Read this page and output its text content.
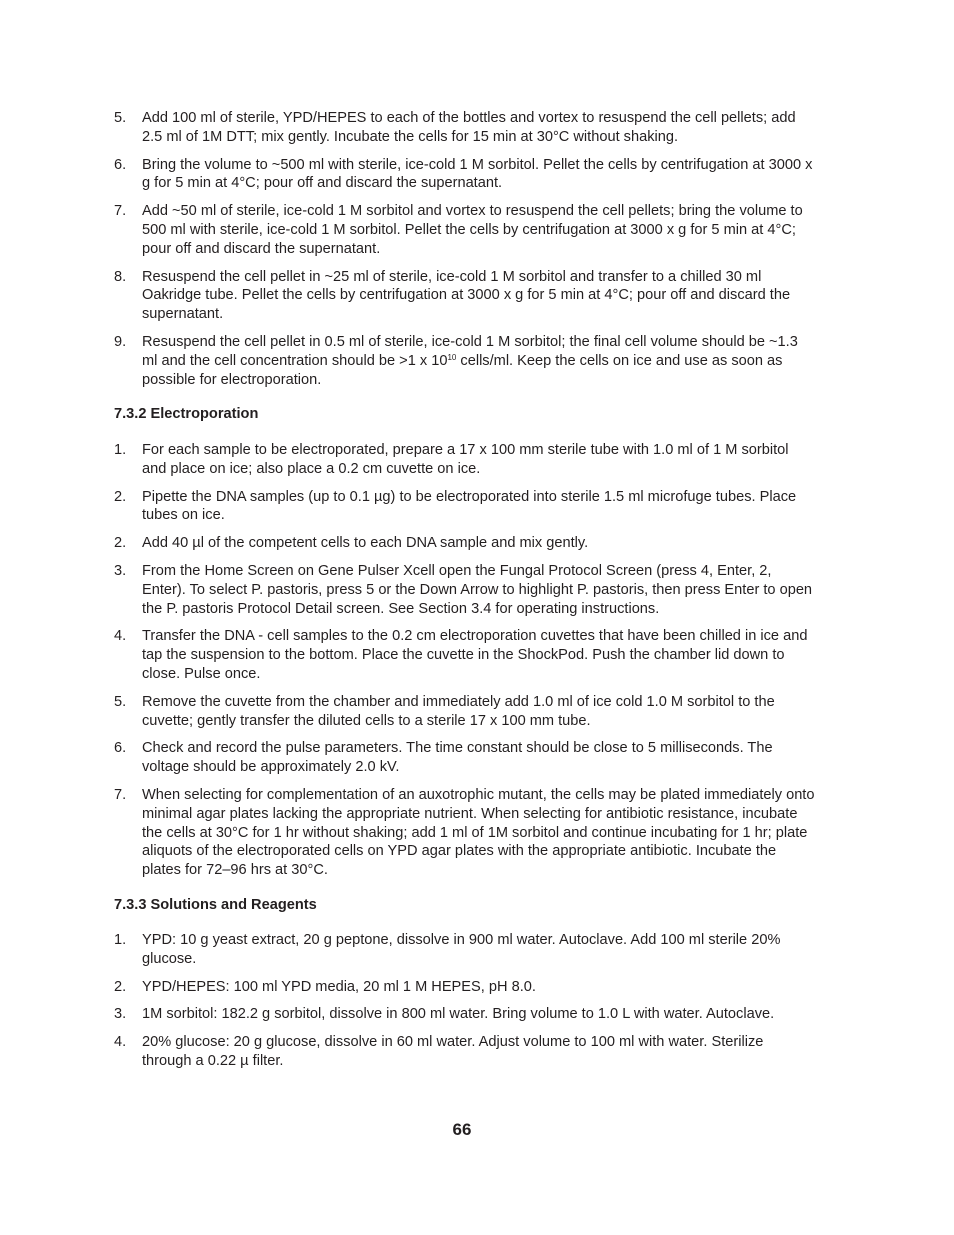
5. Add 100 ml of sterile, YPD/HEPES to each of the bottles and vortex to resuspend the cell pellets; add 2.5 ml of 1M DTT; mix gently. Incubate the cells for 15 min at 30°C without shaking.
6. Bring the volume to ~500 ml with sterile, ice-cold 1 M sorbitol. Pellet the cells by centrifugation at 3000 x g for 5 min at 4°C; pour off and discard the supernatant.
7. Add ~50 ml of sterile, ice-cold 1 M sorbitol and vortex to resuspend the cell pellets; bring the volume to 500 ml with sterile, ice-cold 1 M sorbitol. Pellet the cells by centrifugation at 3000 x g for 5 min at 4°C; pour off and discard the supernatant.
8. Resuspend the cell pellet in ~25 ml of sterile, ice-cold 1 M sorbitol and transfer to a chilled 30 ml Oakridge tube. Pellet the cells by centrifugation at 3000 x g for 5 min at 4°C; pour off and discard the supernatant.
9. Resuspend the cell pellet in 0.5 ml of sterile, ice-cold 1 M sorbitol; the final cell volume should be ~1.3 ml and the cell concentration should be >1 x $10^{10}$ cells/ml. Keep the cells on ice and use as soon as possible for electroporation.
7.3.2 Electroporation
1. For each sample to be electroporated, prepare a 17 x 100 mm sterile tube with 1.0 ml of 1 M sorbitol and place on ice; also place a 0.2 cm cuvette on ice.
2. Pipette the DNA samples (up to 0.1 µg) to be electroporated into sterile 1.5 ml microfuge tubes. Place tubes on ice.
2. Add 40 µl of the competent cells to each DNA sample and mix gently.
3. From the Home Screen on Gene Pulser Xcell open the Fungal Protocol Screen (press 4, Enter, 2, Enter). To select P. pastoris, press 5 or the Down Arrow to highlight P. pastoris, then press Enter to open the P. pastoris Protocol Detail screen. See Section 3.4 for operating instructions.
4. Transfer the DNA - cell samples to the 0.2 cm electroporation cuvettes that have been chilled in ice and tap the suspension to the bottom. Place the cuvette in the ShockPod. Push the chamber lid down to close. Pulse once.
5. Remove the cuvette from the chamber and immediately add 1.0 ml of ice cold 1.0 M sorbitol to the cuvette; gently transfer the diluted cells to a sterile 17 x 100 mm tube.
6. Check and record the pulse parameters. The time constant should be close to 5 milliseconds. The voltage should be approximately 2.0 kV.
7. When selecting for complementation of an auxotrophic mutant, the cells may be plated immediately onto minimal agar plates lacking the appropriate nutrient. When selecting for antibiotic resistance, incubate the cells at 30°C for 1 hr without shaking; add 1 ml of 1M sorbitol and continue incubating for 1 hr; plate aliquots of the electroporated cells on YPD agar plates with the appropriate antibiotic. Incubate the plates for 72–96 hrs at 30°C.
7.3.3 Solutions and Reagents
1. YPD: 10 g yeast extract, 20 g peptone, dissolve in 900 ml water. Autoclave. Add 100 ml sterile 20% glucose.
2. YPD/HEPES: 100 ml YPD media, 20 ml 1 M HEPES, pH 8.0.
3. 1M sorbitol: 182.2 g sorbitol, dissolve in 800 ml water. Bring volume to 1.0 L with water. Autoclave.
4. 20% glucose: 20 g glucose, dissolve in 60 ml water. Adjust volume to 100 ml with water. Sterilize through a 0.22 µ filter.
66
